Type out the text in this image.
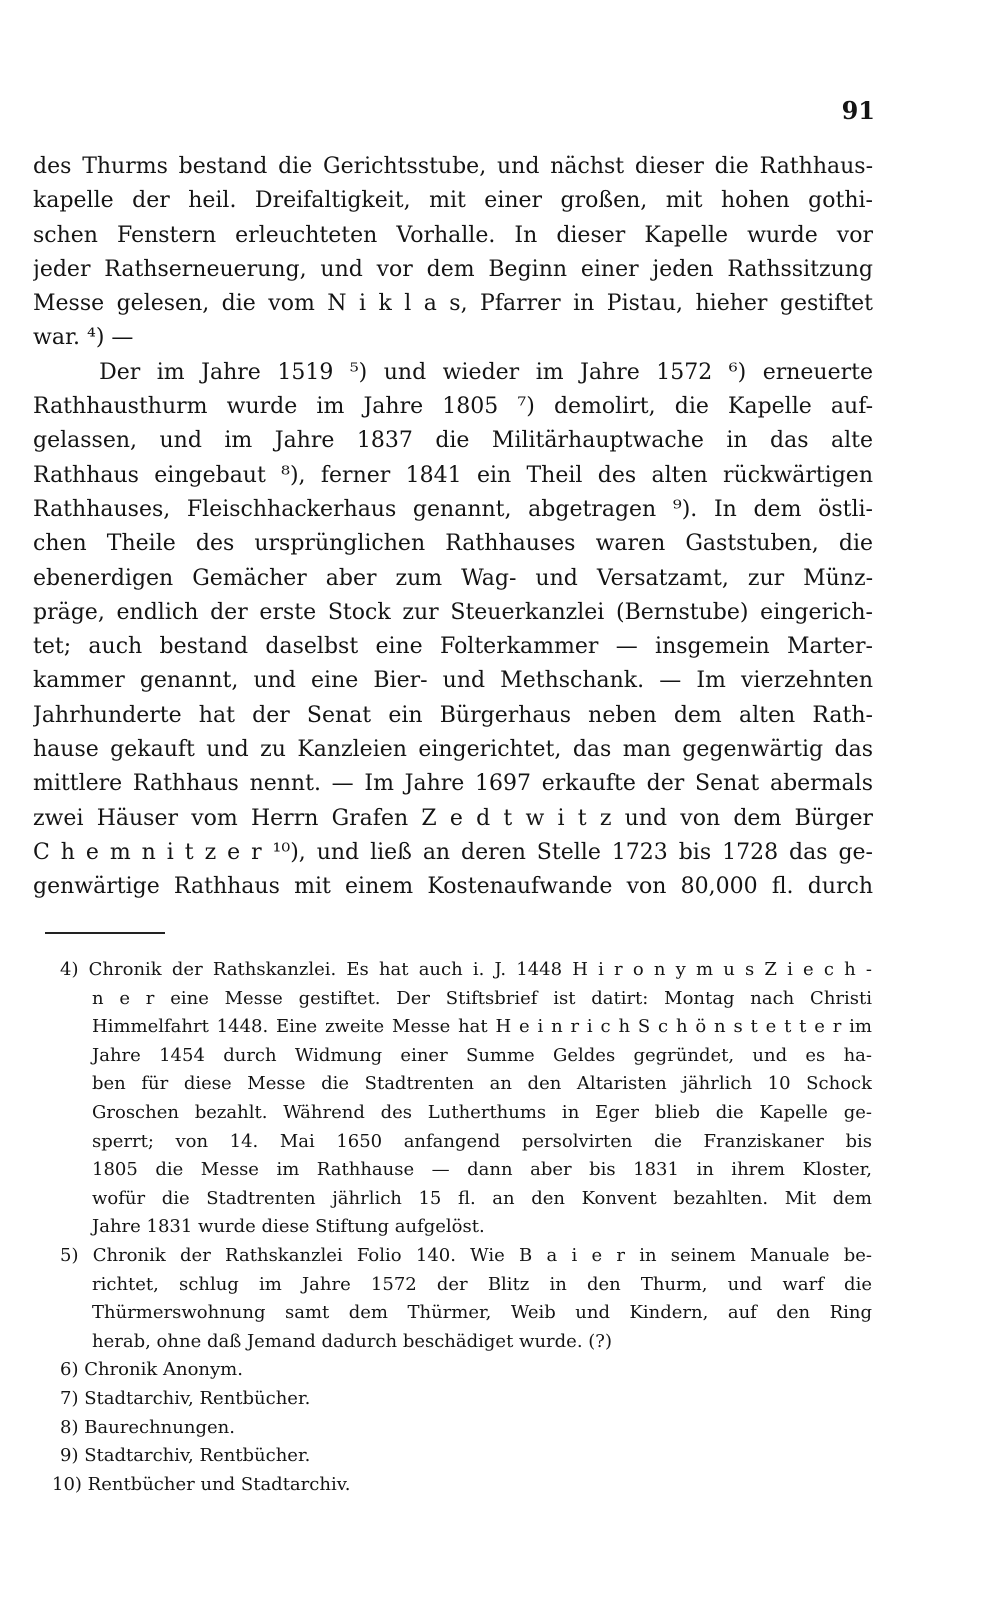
91
des Thurms bestand die Gerichtsstube, und nächst dieser die Rathhaus-
kapelle der heil. Dreifaltigkeit, mit einer großen, mit hohen gothi-
schen Fenstern erleuchteten Vorhalle. In dieser Kapelle wurde vor
jeder Rathserneuerung, und vor dem Beginn einer jeden Rathssitzung
Messe gelesen, die vom N i k l a s, Pfarrer in Pistau, hieher gestiftet
war. ⁴) —
Der im Jahre 1519 ⁵) und wieder im Jahre 1572 ⁶) erneuerte
Rathhausthurm wurde im Jahre 1805 ⁷) demolirt, die Kapelle auf-
gelassen, und im Jahre 1837 die Militärhauptwache in das alte
Rathhaus eingebaut ⁸), ferner 1841 ein Theil des alten rückwärtigen
Rathhauses, Fleischhackerhaus genannt, abgetragen ⁹). In dem östli-
chen Theile des ursprünglichen Rathhauses waren Gaststuben, die
ebenerdigen Gemächer aber zum Wag- und Versatzamt, zur Münz-
präge, endlich der erste Stock zur Steuerkanzlei (Bernstube) eingerich-
tet; auch bestand daselbst eine Folterkammer — insgemein Marter-
kammer genannt, und eine Bier- und Methschank. — Im vierzehnten
Jahrhunderte hat der Senat ein Bürgerhaus neben dem alten Rath-
hause gekauft und zu Kanzleien eingerichtet, das man gegenwärtig das
mittlere Rathhaus nennt. — Im Jahre 1697 erkaufte der Senat abermals
zwei Häuser vom Herrn Grafen Z e d t w i t z und von dem Bürger
C h e m n i t z e r ¹⁰), und ließ an deren Stelle 1723 bis 1728 das ge-
genwärtige Rathhaus mit einem Kostenaufwande von 80,000 fl. durch
4) Chronik der Rathskanzlei. Es hat auch i. J. 1448 H i r o n y m u s Z i e c h -
n e r eine Messe gestiftet. Der Stiftsbrief ist datirt: Montag nach Christi
Himmelfahrt 1448. Eine zweite Messe hat H e i n r i c h S c h ö n s t e t t e r im
Jahre 1454 durch Widmung einer Summe Geldes gegründet, und es ha-
ben für diese Messe die Stadtrenten an den Altaristen jährlich 10 Schock
Groschen bezahlt. Während des Lutherthums in Eger blieb die Kapelle ge-
sperrt; von 14. Mai 1650 anfangend persolvirten die Franziskaner bis
1805 die Messe im Rathhause — dann aber bis 1831 in ihrem Kloster,
wofür die Stadtrenten jährlich 15 fl. an den Konvent bezahlten. Mit dem
Jahre 1831 wurde diese Stiftung aufgelöst.
5) Chronik der Rathskanzlei Folio 140. Wie B a i e r in seinem Manuale be-
richtet, schlug im Jahre 1572 der Blitz in den Thurm, und warf die
Thürmerswohnung samt dem Thürmer, Weib und Kindern, auf den Ring
herab, ohne daß Jemand dadurch beschädiget wurde. (?)
6) Chronik Anonym.
7) Stadtarchiv, Rentbücher.
8) Baurechnungen.
9) Stadtarchiv, Rentbücher.
10) Rentbücher und Stadtarchiv.
